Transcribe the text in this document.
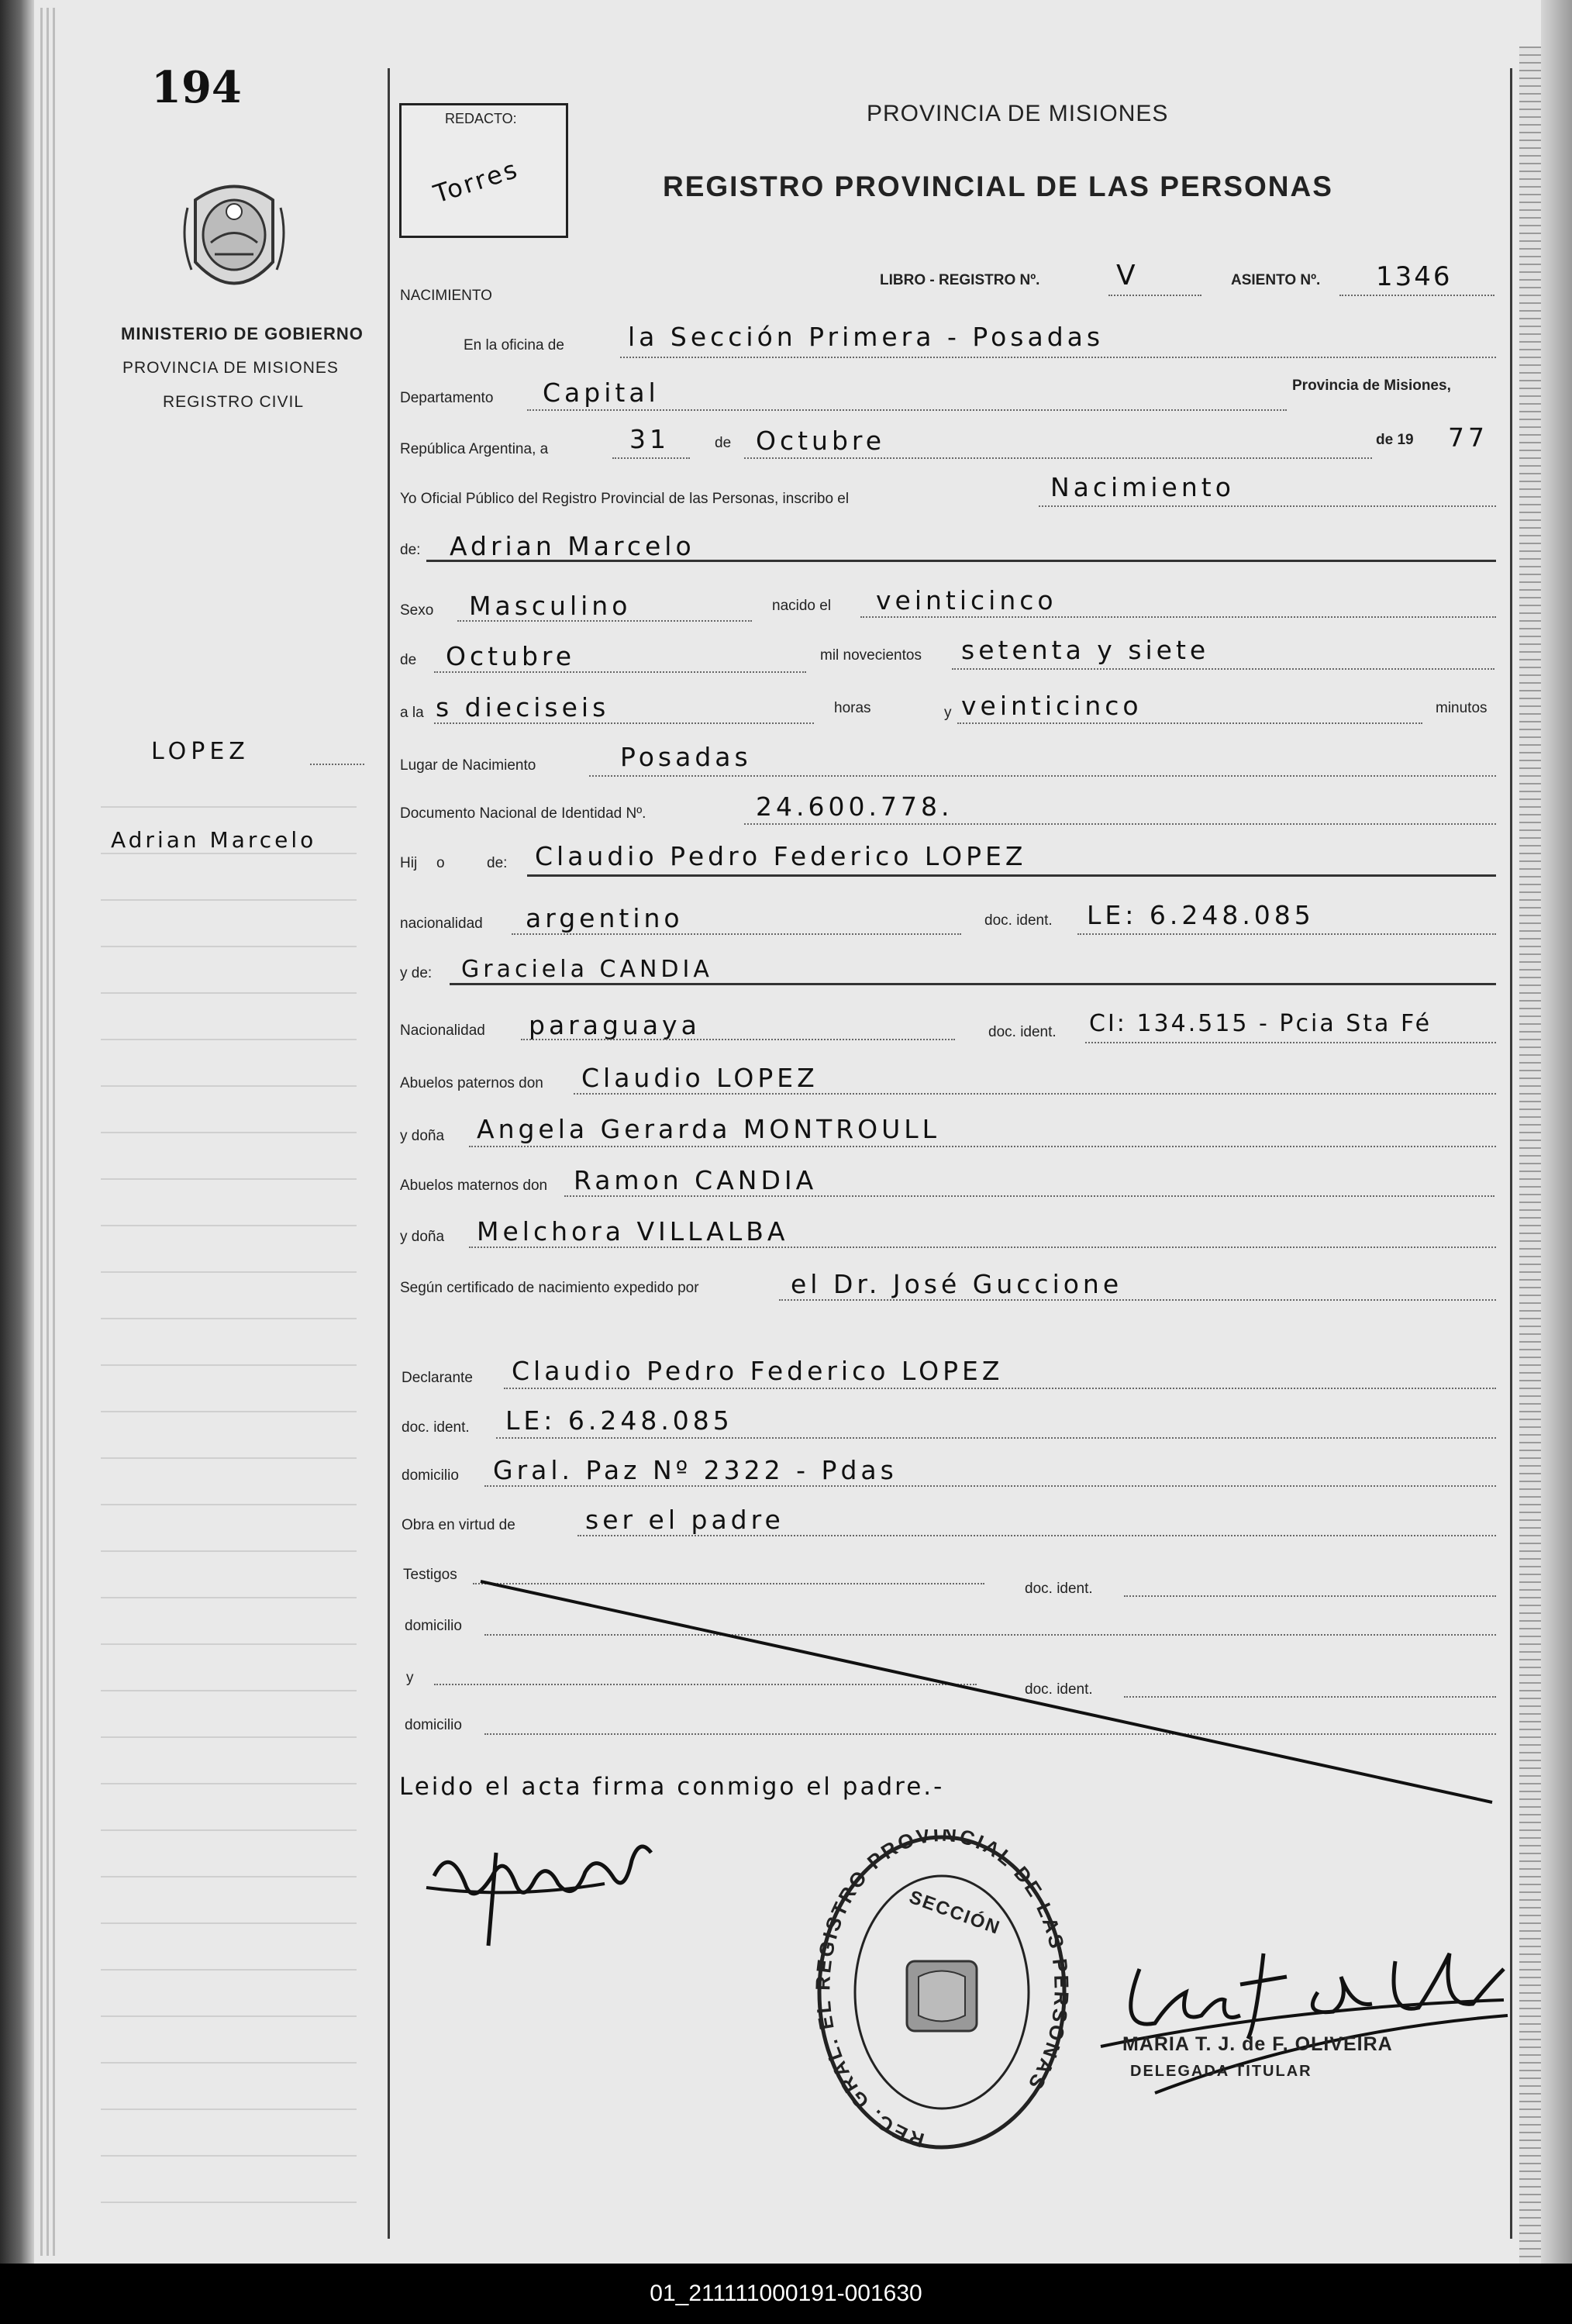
194
MINISTERIO DE GOBIERNO
PROVINCIA DE MISIONES
REGISTRO CIVIL
LOPEZ
Adrian Marcelo
REDACTO:
Torres
PROVINCIA DE MISIONES
REGISTRO PROVINCIAL DE LAS PERSONAS
NACIMIENTO
LIBRO - REGISTRO Nº.	V	ASIENTO Nº. 1346
En la oficina de la Sección Primera - Posadas
Departamento Capital	Provincia de Misiones,
República Argentina, a	31	de Octubre	de 19 77
Yo Oficial Público del Registro Provincial de las Personas, inscribo el	Nacimiento
de: Adrian Marcelo
Sexo Masculino	nacido el veinticinco
de Octubre	mil novecientos setenta y siete
a la s dieciseis	horas	y veinticinco	minutos
Lugar de Nacimiento	Posadas
Documento Nacional de Identidad Nº.	24.600.778.
Hij o	de: Claudio Pedro Federico LOPEZ
nacionalidad argentino	doc. ident. LE: 6.248.085
y de: Graciela CANDIA
Nacionalidad paraguaya	doc. ident. CI: 134.515 - Pcia Sta Fé
Abuelos paternos don Claudio LOPEZ
y doña Angela Gerarda MONTROULL
Abuelos maternos don Ramon CANDIA
y doña Melchora VILLALBA
Según certificado de nacimiento expedido por	el Dr. José Guccione
Declarante Claudio Pedro Federico LOPEZ
doc. ident. LE: 6.248.085
domicilio Gral. Paz Nº 2322 - Pdas
Obra en virtud de	ser el padre
Testigos
doc. ident.
domicilio
y
doc. ident.
domicilio
Leido el acta firma conmigo el padre.-
REC. GRAL. E EGISTRO PROVINCIAL DE LAS SONAS
SECCIÓN
MARIA T. J. de F. OLIVEIRA
DELEGADA TITULAR
01_211111000191-001630
